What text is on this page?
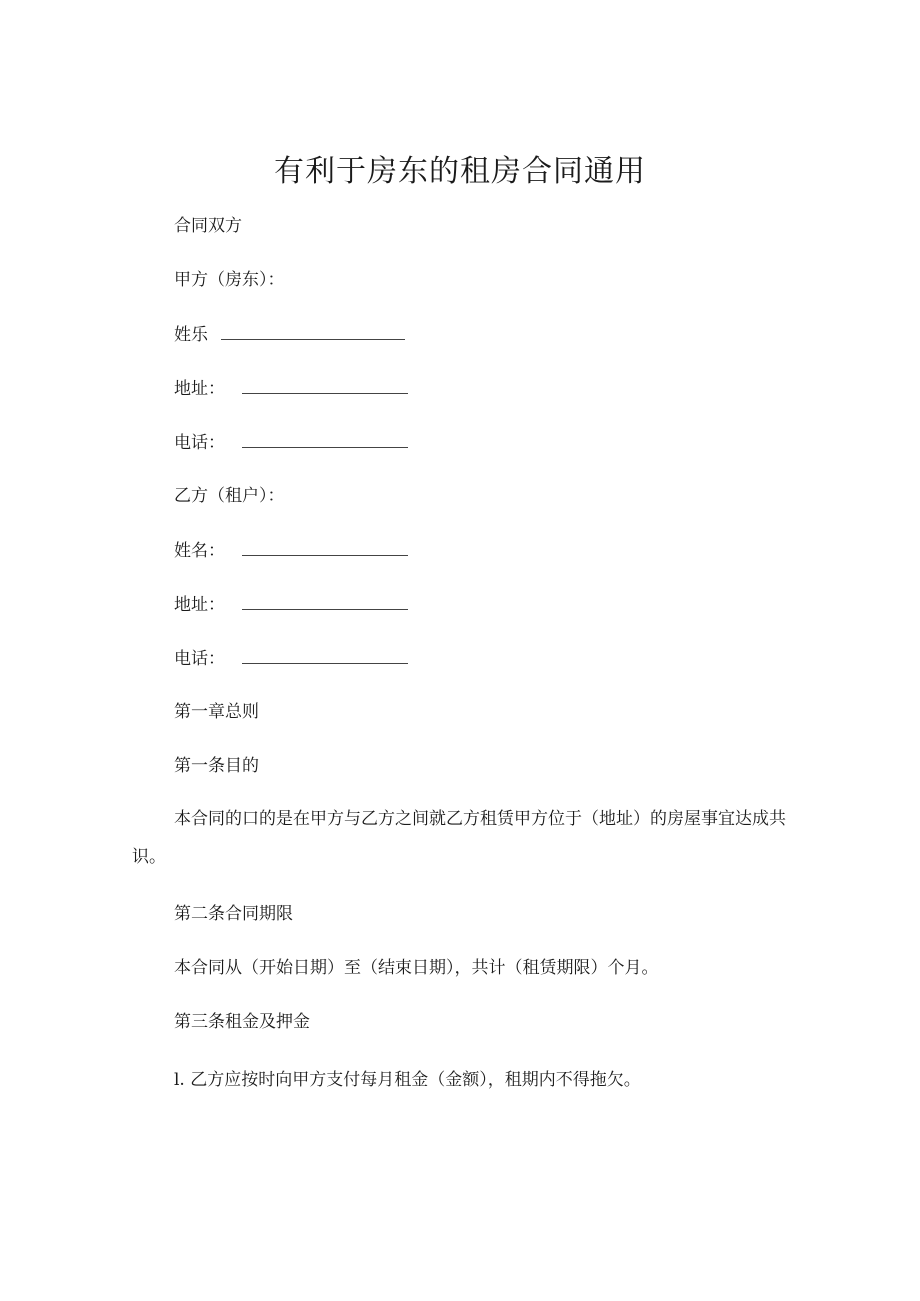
有利于房东的租房合同通用
合同双方
甲方（房东）：
姓乐
地址：
电话：
乙方（租户）：
姓名：
地址：
电话：
第一章总则
第一条目的
本合同的口的是在甲方与乙方之间就乙方租赁甲方位于（地址）的房屋事宜达成共识。
第二条合同期限
本合同从（开始日期）至（结束日期），共计（租赁期限）个月。
第三条租金及押金
l. 乙方应按时向甲方支付每月租金（金额），租期内不得拖欠。
